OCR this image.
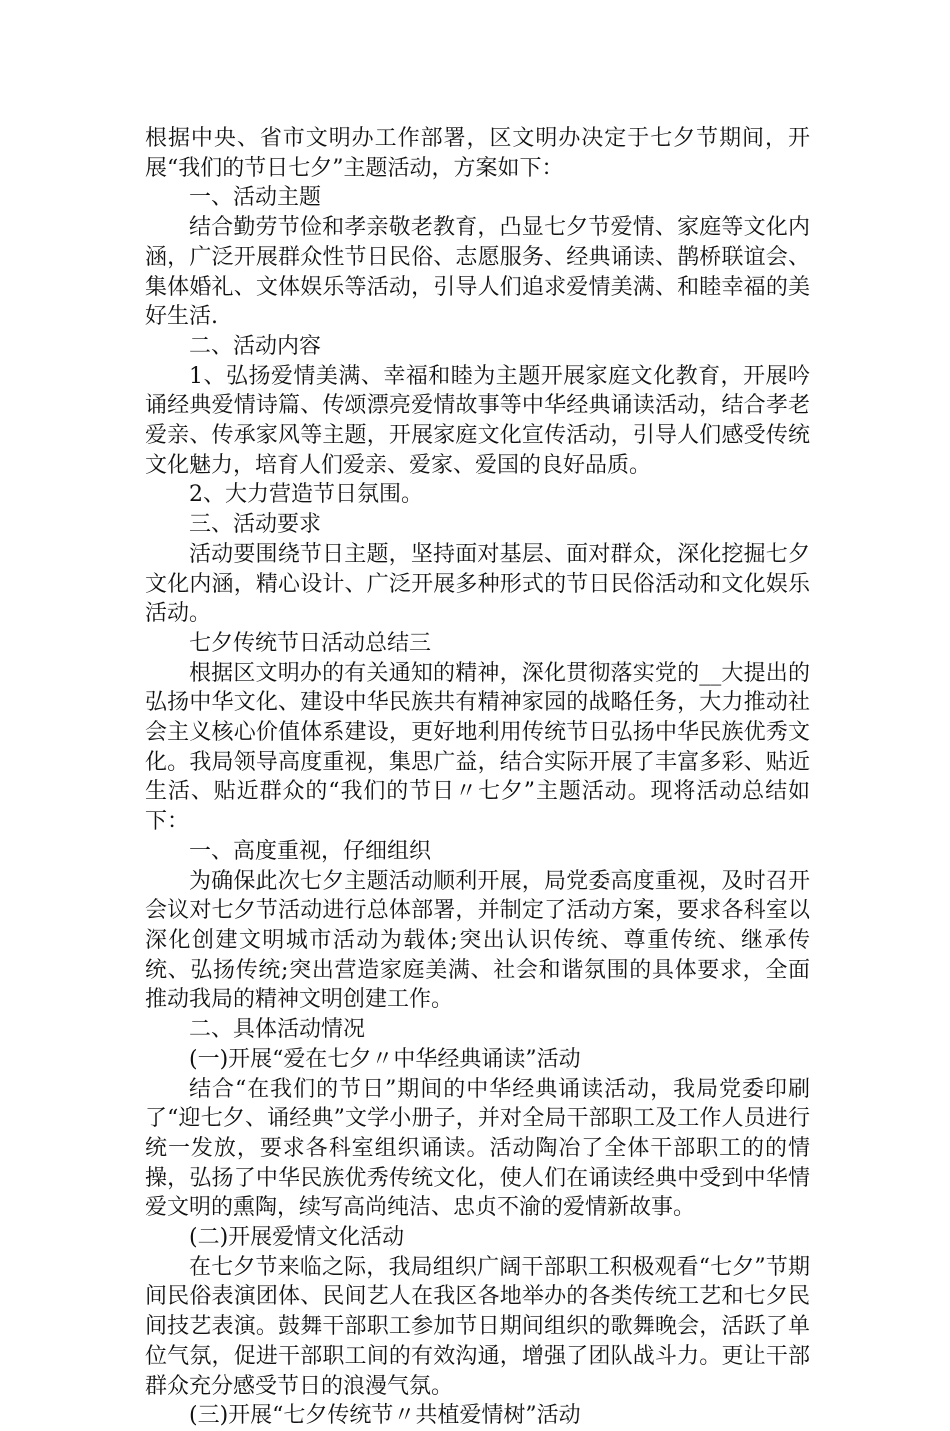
根据中央、省市文明办工作部署，区文明办决定于七夕节期间，开展“我们的节日七夕”主题活动，方案如下：

一、活动主题

结合勤劳节俭和孝亲敬老教育，凸显七夕节爱情、家庭等文化内涵，广泛开展群众性节日民俗、志愿服务、经典诵读、鹊桥联谊会、集体婚礼、文体娱乐等活动，引导人们追求爱情美满、和睦幸福的美好生活.

二、活动内容

1、弘扬爱情美满、幸福和睦为主题开展家庭文化教育，开展吟诵经典爱情诗篇、传颂漂亮爱情故事等中华经典诵读活动，结合孝老爱亲、传承家风等主题，开展家庭文化宣传活动，引导人们感受传统文化魅力，培育人们爱亲、爱家、爱国的良好品质。

2、大力营造节日氛围。

三、活动要求

活动要围绕节日主题，坚持面对基层、面对群众，深化挖掘七夕文化内涵，精心设计、广泛开展多种形式的节日民俗活动和文化娱乐活动。

七夕传统节日活动总结三

根据区文明办的有关通知的精神，深化贯彻落实党的__大提出的弘扬中华文化、建设中华民族共有精神家园的战略任务，大力推动社会主义核心价值体系建设，更好地利用传统节日弘扬中华民族优秀文化。我局领导高度重视，集思广益，结合实际开展了丰富多彩、贴近生活、贴近群众的“我们的节日〃七夕”主题活动。现将活动总结如下：

一、高度重视，仔细组织

为确保此次七夕主题活动顺利开展，局党委高度重视，及时召开会议对七夕节活动进行总体部署，并制定了活动方案，要求各科室以深化创建文明城市活动为载体;突出认识传统、尊重传统、继承传统、弘扬传统;突出营造家庭美满、社会和谐氛围的具体要求，全面推动我局的精神文明创建工作。

二、具体活动情况

(一)开展“爱在七夕〃中华经典诵读”活动

结合“在我们的节日”期间的中华经典诵读活动，我局党委印刷了“迎七夕、诵经典”文学小册子，并对全局干部职工及工作人员进行统一发放，要求各科室组织诵读。活动陶冶了全体干部职工的的情操，弘扬了中华民族优秀传统文化，使人们在诵读经典中受到中华情爱文明的熏陶，续写高尚纯洁、忠贞不渝的爱情新故事。

(二)开展爱情文化活动

在七夕节来临之际，我局组织广阔干部职工积极观看“七夕”节期间民俗表演团体、民间艺人在我区各地举办的各类传统工艺和七夕民间技艺表演。鼓舞干部职工参加节日期间组织的歌舞晚会，活跃了单位气氛，促进干部职工间的有效沟通，增强了团队战斗力。更让干部群众充分感受节日的浪漫气氛。

(三)开展“七夕传统节〃共植爱情树”活动
